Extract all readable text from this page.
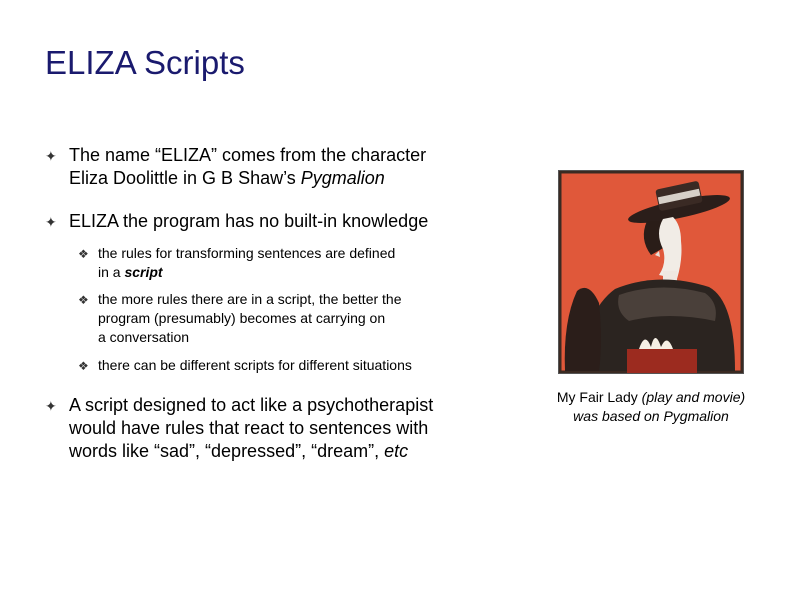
ELIZA Scripts
✦ The name “ELIZA” comes from the character
Eliza Doolittle in G B Shaw’s Pygmalion
✦ ELIZA the program has no built-in knowledge
❖ the rules for transforming sentences are defined
in a script
❖ the more rules there are in a script, the better the
program (presumably) becomes at carrying on
a conversation
❖ there can be different scripts for different situations
✦ A script designed to act like a psychotherapist
would have rules that react to sentences with
words like “sad”, “depressed”, “dream”, etc
My Fair Lady (play and movie) was based on Pygmalion
